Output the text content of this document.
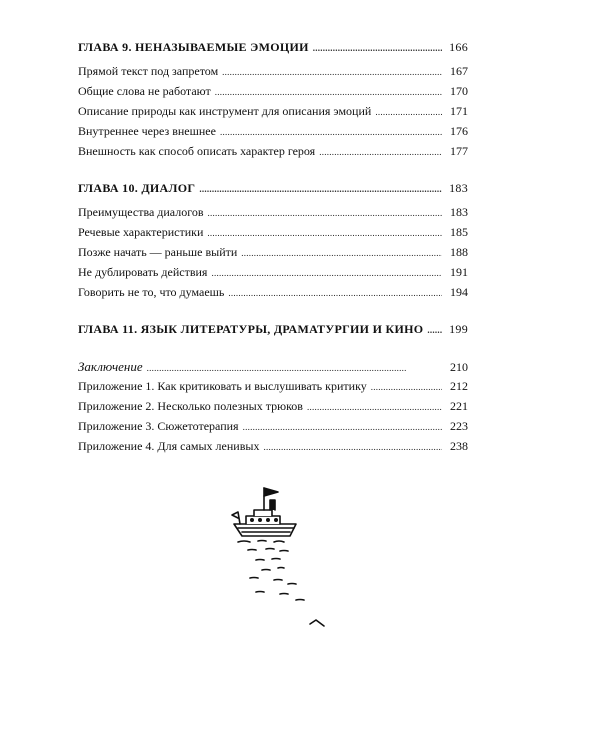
ГЛАВА 9. НЕНАЗЫВАЕМЫЕ ЭМОЦИИ . . .	166
Прямой текст под запретом . . .	167
Общие слова не работают . . .	170
Описание природы как инструмент для описания эмоций . . .	171
Внутреннее через внешнее . . .	176
Внешность как способ описать характер героя . . .	177
ГЛАВА 10. ДИАЛОГ . . .	183
Преимущества диалогов . . .	183
Речевые характеристики . . .	185
Позже начать — раньше выйти . . .	188
Не дублировать действия . . .	191
Говорить не то, что думаешь . . .	194
ГЛАВА 11. ЯЗЫК ЛИТЕРАТУРЫ, ДРАМАТУРГИИ И КИНО . . . 199
Заключение . . .	210
Приложение 1. Как критиковать и выслушивать критику . . .	212
Приложение 2. Несколько полезных трюков . . .	221
Приложение 3. Сюжетотерапия . . .	223
Приложение 4. Для самых ленивых . . .	238
